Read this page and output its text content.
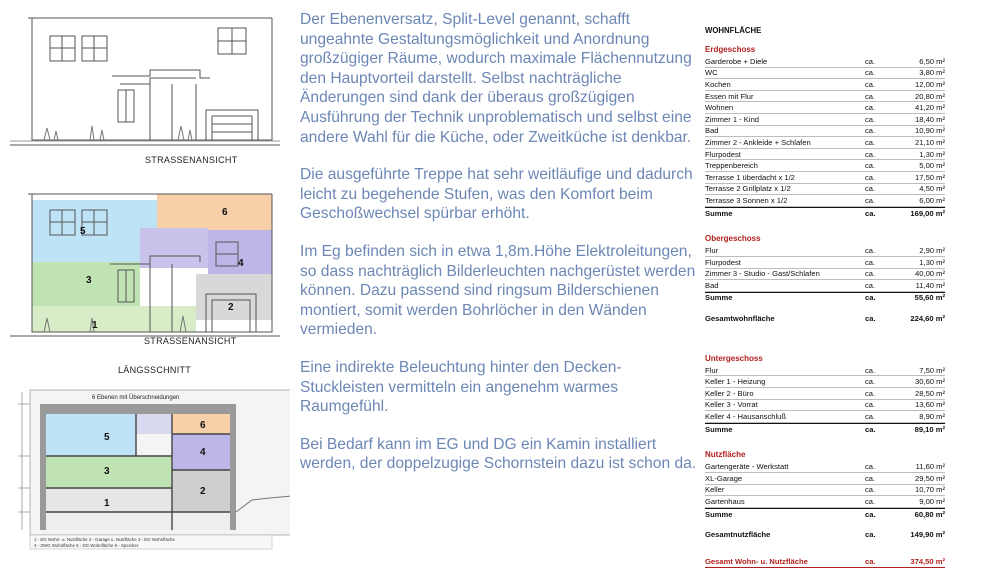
6
5
4
3
2
1
6
5
4
3
2
1
6 Ebenen mit Überschneidungen
1 - EG Wohn- u. Nutzfläche 2 - Garage u. Nutzfläche 3 - EG Wohnfläche
4 - ZWG Wohnfläche 5 - DG Wohnfläche 6 - Speicher
STRASSENANSICHT
STRASSENANSICHT
LÄNGSSCHNITT

Der Ebenenversatz, Split-Level genannt, schafft ungeahnte Gestaltungsmöglichkeit und Anordnung großzügiger Räume, wodurch maximale Flächennutzung den Hauptvorteil darstellt. Selbst nachträgliche Änderungen sind dank der überaus großzügigen Ausführung der Technik unproblematisch und selbst eine andere Wahl für die Küche, oder Zweitküche ist denkbar.

Die ausgeführte Treppe hat sehr weitläufige und dadurch leicht zu begehende Stufen, was den Komfort beim Geschoßwechsel spürbar erhöht.

Im Eg befinden sich in etwa 1,8m.Höhe Elektroleitungen, so dass nachträglich Bilderleuchten nachgerüstet werden können. Dazu passend sind ringsum Bilderschienen montiert, somit werden Bohrlöcher in den Wänden vermieden.

Eine indirekte Beleuchtung hinter den Decken-Stuckleisten vermitteln ein angenehm warmes Raumgefühl.

Bei Bedarf kann im EG und DG ein Kamin installiert werden, der doppelzugige Schornstein dazu ist schon da.

WOHNFLÄCHE
Erdgeschoss
Garderobe + Diele	ca.	6,50 m²
WC	ca.	3,80 m²
Kochen	ca.	12,00 m²
Essen mit Flur	ca.	20,80 m²
Wohnen	ca.	41,20 m²
Zimmer 1 - Kind	ca.	18,40 m²
Bad	ca.	10,90 m²
Zimmer 2 - Ankleide + Schlafen	ca.	21,10 m²
Flurpodest	ca.	1,30 m²
Treppenbereich	ca.	5,00 m²
Terrasse 1 überdacht x 1/2	ca.	17,50 m²
Terrasse 2 Grillplatz x 1/2	ca.	4,50 m²
Terrasse 3 Sonnen x 1/2	ca.	6,00 m²
Summe	ca.	169,00 m²
Obergeschoss
Flur	ca.	2,90 m²
Flurpodest	ca.	1,30 m²
Zimmer 3 - Studio - Gast/Schlafen	ca.	40,00 m²
Bad	ca.	11,40 m²
Summe	ca.	55,60 m²
Gesamtwohnfläche	ca.	224,60 m²
Untergeschoss
Flur	ca.	7,50 m²
Keller 1 - Heizung	ca.	30,60 m²
Keller 2 - Büro	ca.	28,50 m²
Keller 3 - Vorrat	ca.	13,60 m²
Keller 4 - Hausanschluß	ca.	8,90 m²
Summe	ca.	89,10 m²
Nutzfläche
Gartengeräte - Werkstatt	ca.	11,60 m²
XL-Garage	ca.	29,50 m²
Keller	ca.	10,70 m²
Gartenhaus	ca.	9,00 m²
Summe	ca.	60,80 m²
Gesamtnutzfläche	ca.	149,90 m²
Gesamt Wohn- u. Nutzfläche	ca.	374,50 m²
